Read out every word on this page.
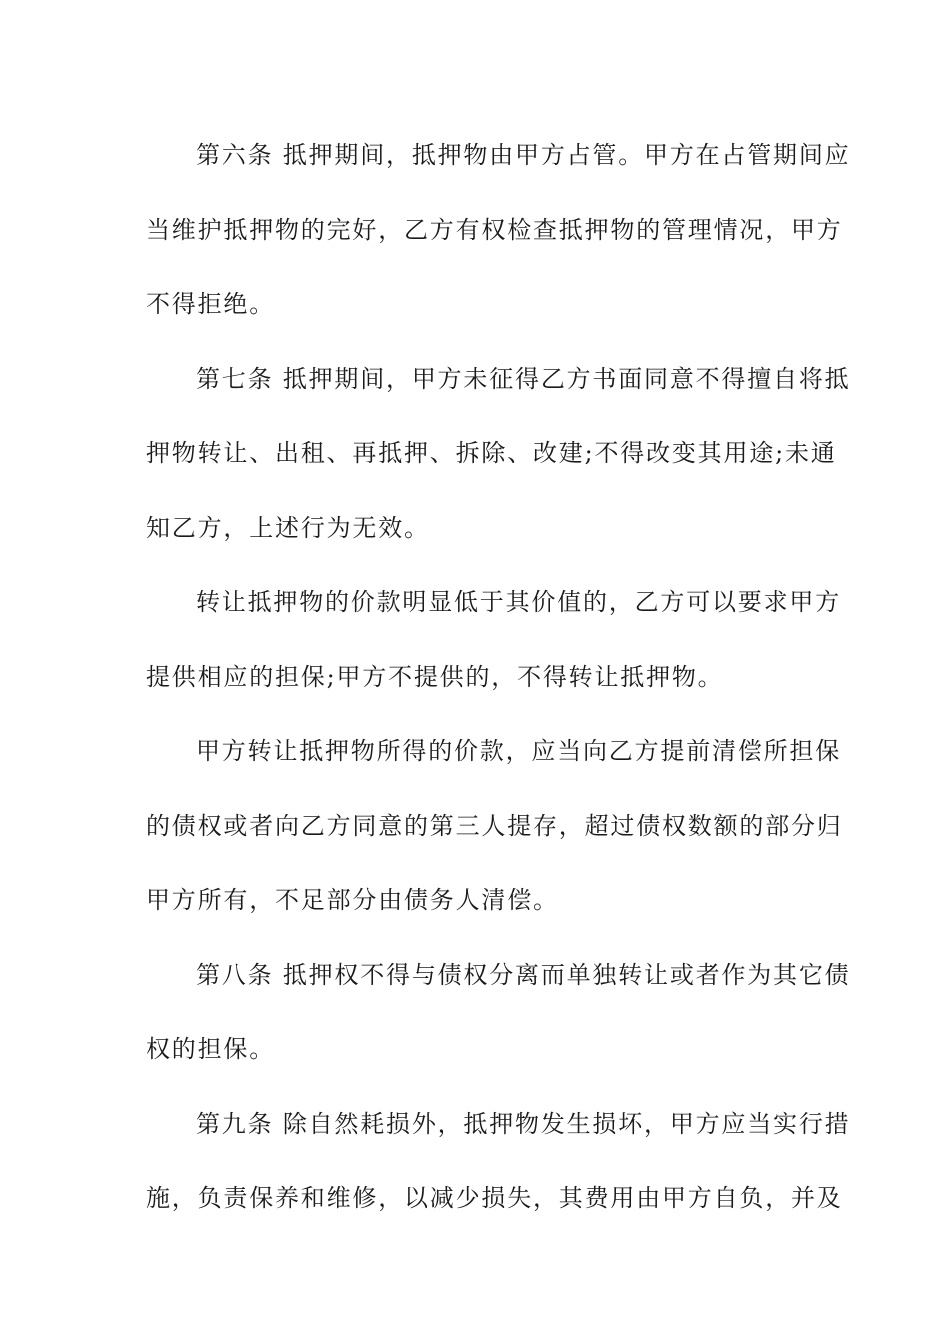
第六条 抵押期间，抵押物由甲方占管。甲方在占管期间应
当维护抵押物的完好，乙方有权检查抵押物的管理情况，甲方
不得拒绝。

第七条 抵押期间，甲方未征得乙方书面同意不得擅自将抵
押物转让、出租、再抵押、拆除、改建;不得改变其用途;未通
知乙方，上述行为无效。

转让抵押物的价款明显低于其价值的，乙方可以要求甲方
提供相应的担保;甲方不提供的，不得转让抵押物。

甲方转让抵押物所得的价款，应当向乙方提前清偿所担保
的债权或者向乙方同意的第三人提存，超过债权数额的部分归
甲方所有，不足部分由债务人清偿。

第八条 抵押权不得与债权分离而单独转让或者作为其它债
权的担保。

第九条 除自然耗损外，抵押物发生损坏，甲方应当实行措
施，负责保养和维修，以减少损失，其费用由甲方自负，并及
